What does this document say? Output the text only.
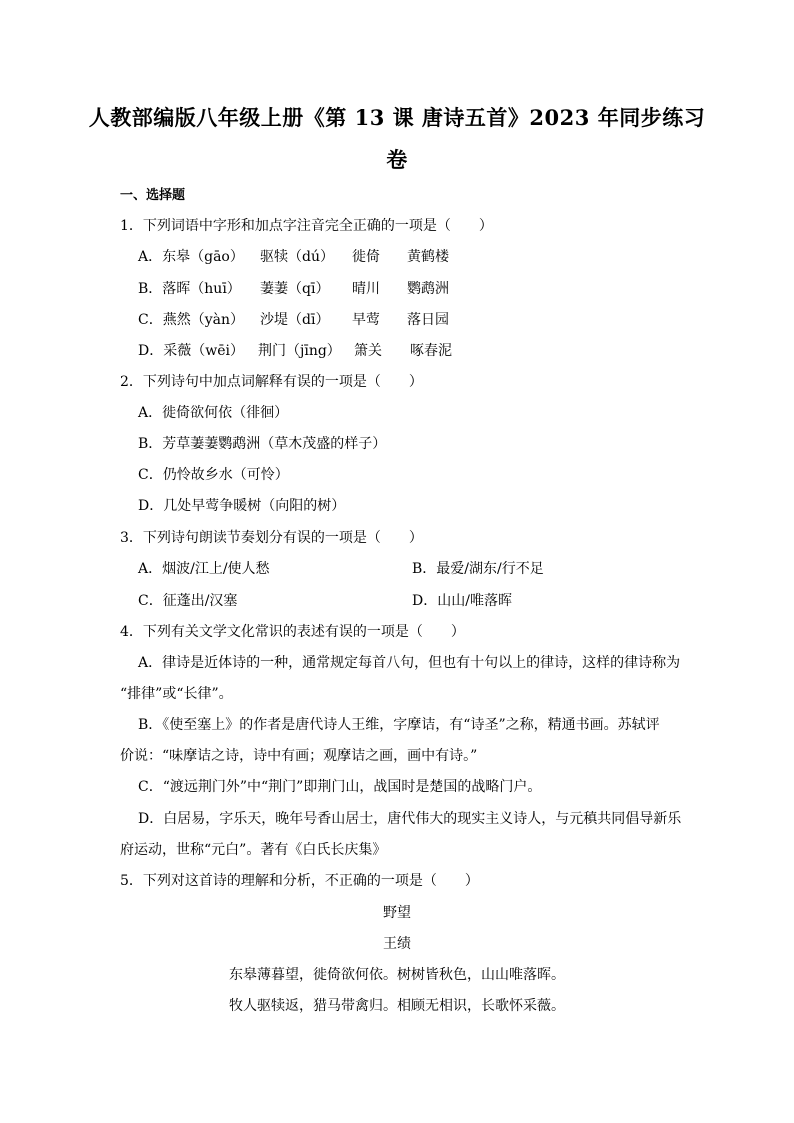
人教部编版八年级上册《第 13 课 唐诗五首》2023 年同步练习
卷
一、选择题
1．下列词语中字形和加点字注音完全正确的一项是（　　）
A．东皋（gāo） 驱犊（dú） 徙倚 黄鹤楼
B．落晖（huī） 萋萋（qī） 晴川 鹦鹉洲
C．燕然（yàn） 沙堤（dī） 早莺 落日园
D．采薇（wēi） 荆门（jīng） 箫关 啄春泥
2．下列诗句中加点词解释有误的一项是（　　）
A．徙倚欲何依（徘徊）
B．芳草萋萋鹦鹉洲（草木茂盛的样子）
C．仍怜故乡水（可怜）
D．几处早莺争暖树（向阳的树）
3．下列诗句朗读节奏划分有误的一项是（　　）
A．烟波/江上/使人愁	B．最爱/湖东/行不足
C．征蓬出/汉塞	D．山山/唯落晖
4．下列有关文学文化常识的表述有误的一项是（　　）
A．律诗是近体诗的一种，通常规定每首八句，但也有十句以上的律诗，这样的律诗称为
“排律”或“长律”。
B．《使至塞上》的作者是唐代诗人王维，字摩诘，有“诗圣”之称，精通书画。苏轼评
价说：“味摩诘之诗，诗中有画；观摩诘之画，画中有诗。”
C．“渡远荆门外”中“荆门”即荆门山，战国时是楚国的战略门户。
D．白居易，字乐天，晚年号香山居士，唐代伟大的现实主义诗人，与元稹共同倡导新乐
府运动，世称“元白”。著有《白氏长庆集》
5．下列对这首诗的理解和分析，不正确的一项是（　　）
野望
王绩
东皋薄暮望，徙倚欲何依。树树皆秋色，山山唯落晖。
牧人驱犊返，猎马带禽归。相顾无相识，长歌怀采薇。
